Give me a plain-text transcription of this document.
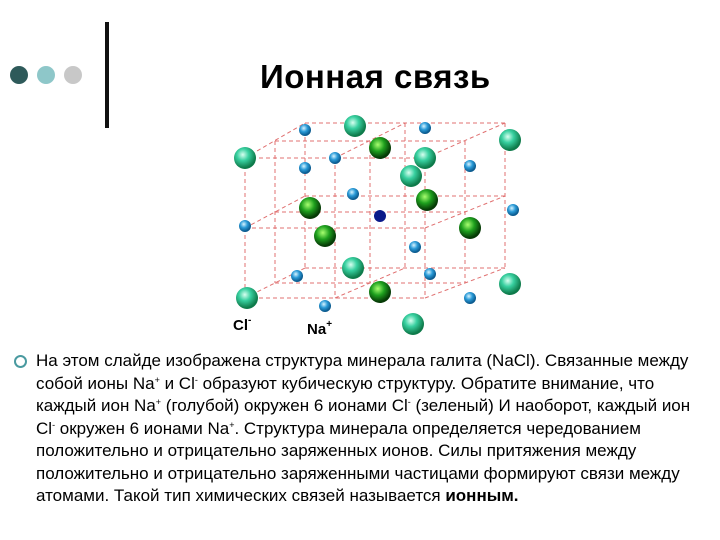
Ионная связь
Cl-
Na+
На этом слайде изображена структура минерала галита (NaCl). Связанные между собой ионы Na+ и Cl- образуют кубическую структуру. Обратите внимание, что каждый ион Na+ (голубой) окружен 6 ионами Cl- (зеленый) И наоборот, каждый ион Cl- окружен 6 ионами Na+. Структура минерала определяется чередованием положительно и отрицательно заряженных ионов. Силы притяжения между положительно и отрицательно заряженными частицами формируют связи между атомами. Такой тип химических связей называется ионным.
